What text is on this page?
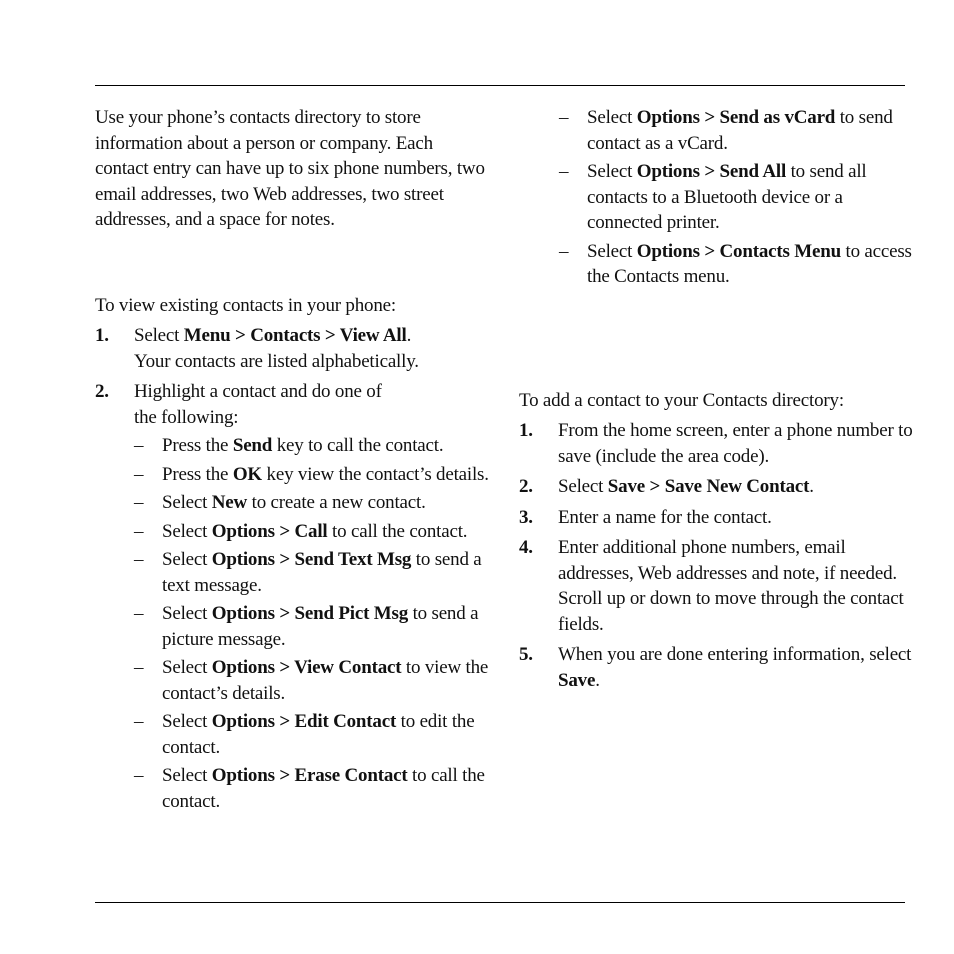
Use your phone’s contacts directory to store information about a person or company. Each contact entry can have up to six phone numbers, two email addresses, two Web addresses, two street addresses, and a space for notes.

To view existing contacts in your phone:

1. Select Menu > Contacts > View All.
Your contacts are listed alphabetically.
2. Highlight a contact and do one of
the following:
– Press the Send key to call the contact.
– Press the OK key view the contact’s details.
– Select New to create a new contact.
– Select Options > Call to call the contact.
– Select Options > Send Text Msg to send a text message.
– Select Options > Send Pict Msg to send a picture message.
– Select Options > View Contact to view the contact’s details.
– Select Options > Edit Contact to edit the contact.
– Select Options > Erase Contact to call the contact.
– Select Options > Send as vCard to send contact as a vCard.
– Select Options > Send All to send all contacts to a Bluetooth device or a connected printer.
– Select Options > Contacts Menu to access the Contacts menu.

To add a contact to your Contacts directory:

1. From the home screen, enter a phone number to save (include the area code).
2. Select Save > Save New Contact.
3. Enter a name for the contact.
4. Enter additional phone numbers, email addresses, Web addresses and note, if needed. Scroll up or down to move through the contact fields.
5. When you are done entering information, select Save.
